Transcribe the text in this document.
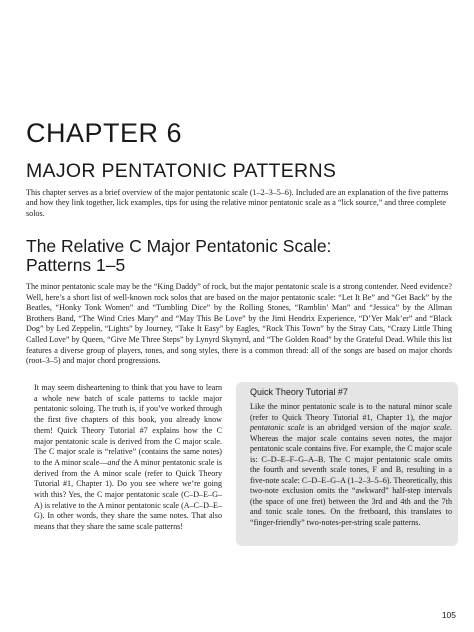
CHAPTER 6
MAJOR PENTATONIC PATTERNS

This chapter serves as a brief overview of the major pentatonic scale (1–2–3–5–6). Included are an explanation of the five patterns and how they link together, lick examples, tips for using the relative minor pentatonic scale as a “lick source,” and three complete solos.

The Relative C Major Pentatonic Scale:
Patterns 1–5

The minor pentatonic scale may be the “King Daddy” of rock, but the major pentatonic scale is a strong contender. Need evidence? Well, here’s a short list of well-known rock solos that are based on the major pentatonic scale: “Let It Be” and “Get Back” by the Beatles, “Honky Tonk Women” and “Tumbling Dice” by the Rolling Stones, “Ramblin’ Man” and “Jessica” by the Allman Brothers Band, “The Wind Cries Mary” and “May This Be Love” by the Jimi Hendrix Experience, “D’Yer Mak’er” and “Black Dog” by Led Zeppelin, “Lights” by Journey, “Take It Easy” by Eagles, “Rock This Town” by the Stray Cats, “Crazy Little Thing Called Love” by Queen, “Give Me Three Steps” by Lynyrd Skynyrd, and “The Golden Road” by the Grateful Dead. While this list features a diverse group of players, tones, and song styles, there is a common thread: all of the songs are based on major chords (root–3–5) and major chord progressions.

It may seem disheartening to think that you have to learn a whole new batch of scale patterns to tackle major pentatonic soloing. The truth is, if you’ve worked through the first five chapters of this book, you already know them! Quick Theory Tutorial #7 explains how the C major pentatonic scale is derived from the C major scale. The C major scale is “relative” (contains the same notes) to the A minor scale—and the A minor pentatonic scale is derived from the A minor scale (refer to Quick Theory Tutorial #1, Chapter 1). Do you see where we’re going with this? Yes, the C major pentatonic scale (C–D–E–G–A) is relative to the A minor pentatonic scale (A–C–D–E–G). In other words, they share the same notes. That also means that they share the same scale patterns!

Quick Theory Tutorial #7

Like the minor pentatonic scale is to the natural minor scale (refer to Quick Theory Tutorial #1, Chapter 1), the major pentatonic scale is an abridged version of the major scale. Whereas the major scale contains seven notes, the major pentatonic scale contains five. For example, the C major scale is: C–D–E–F–G–A–B. The C major pentatonic scale omits the fourth and seventh scale tones, F and B, resulting in a five-note scale: C–D–E–G–A (1–2–3–5–6). Theoretically, this two-note exclusion omits the “awkward” half-step intervals (the space of one fret) between the 3rd and 4th and the 7th and tonic scale tones. On the fretboard, this translates to “finger-friendly” two-notes-per-string scale patterns.

105
